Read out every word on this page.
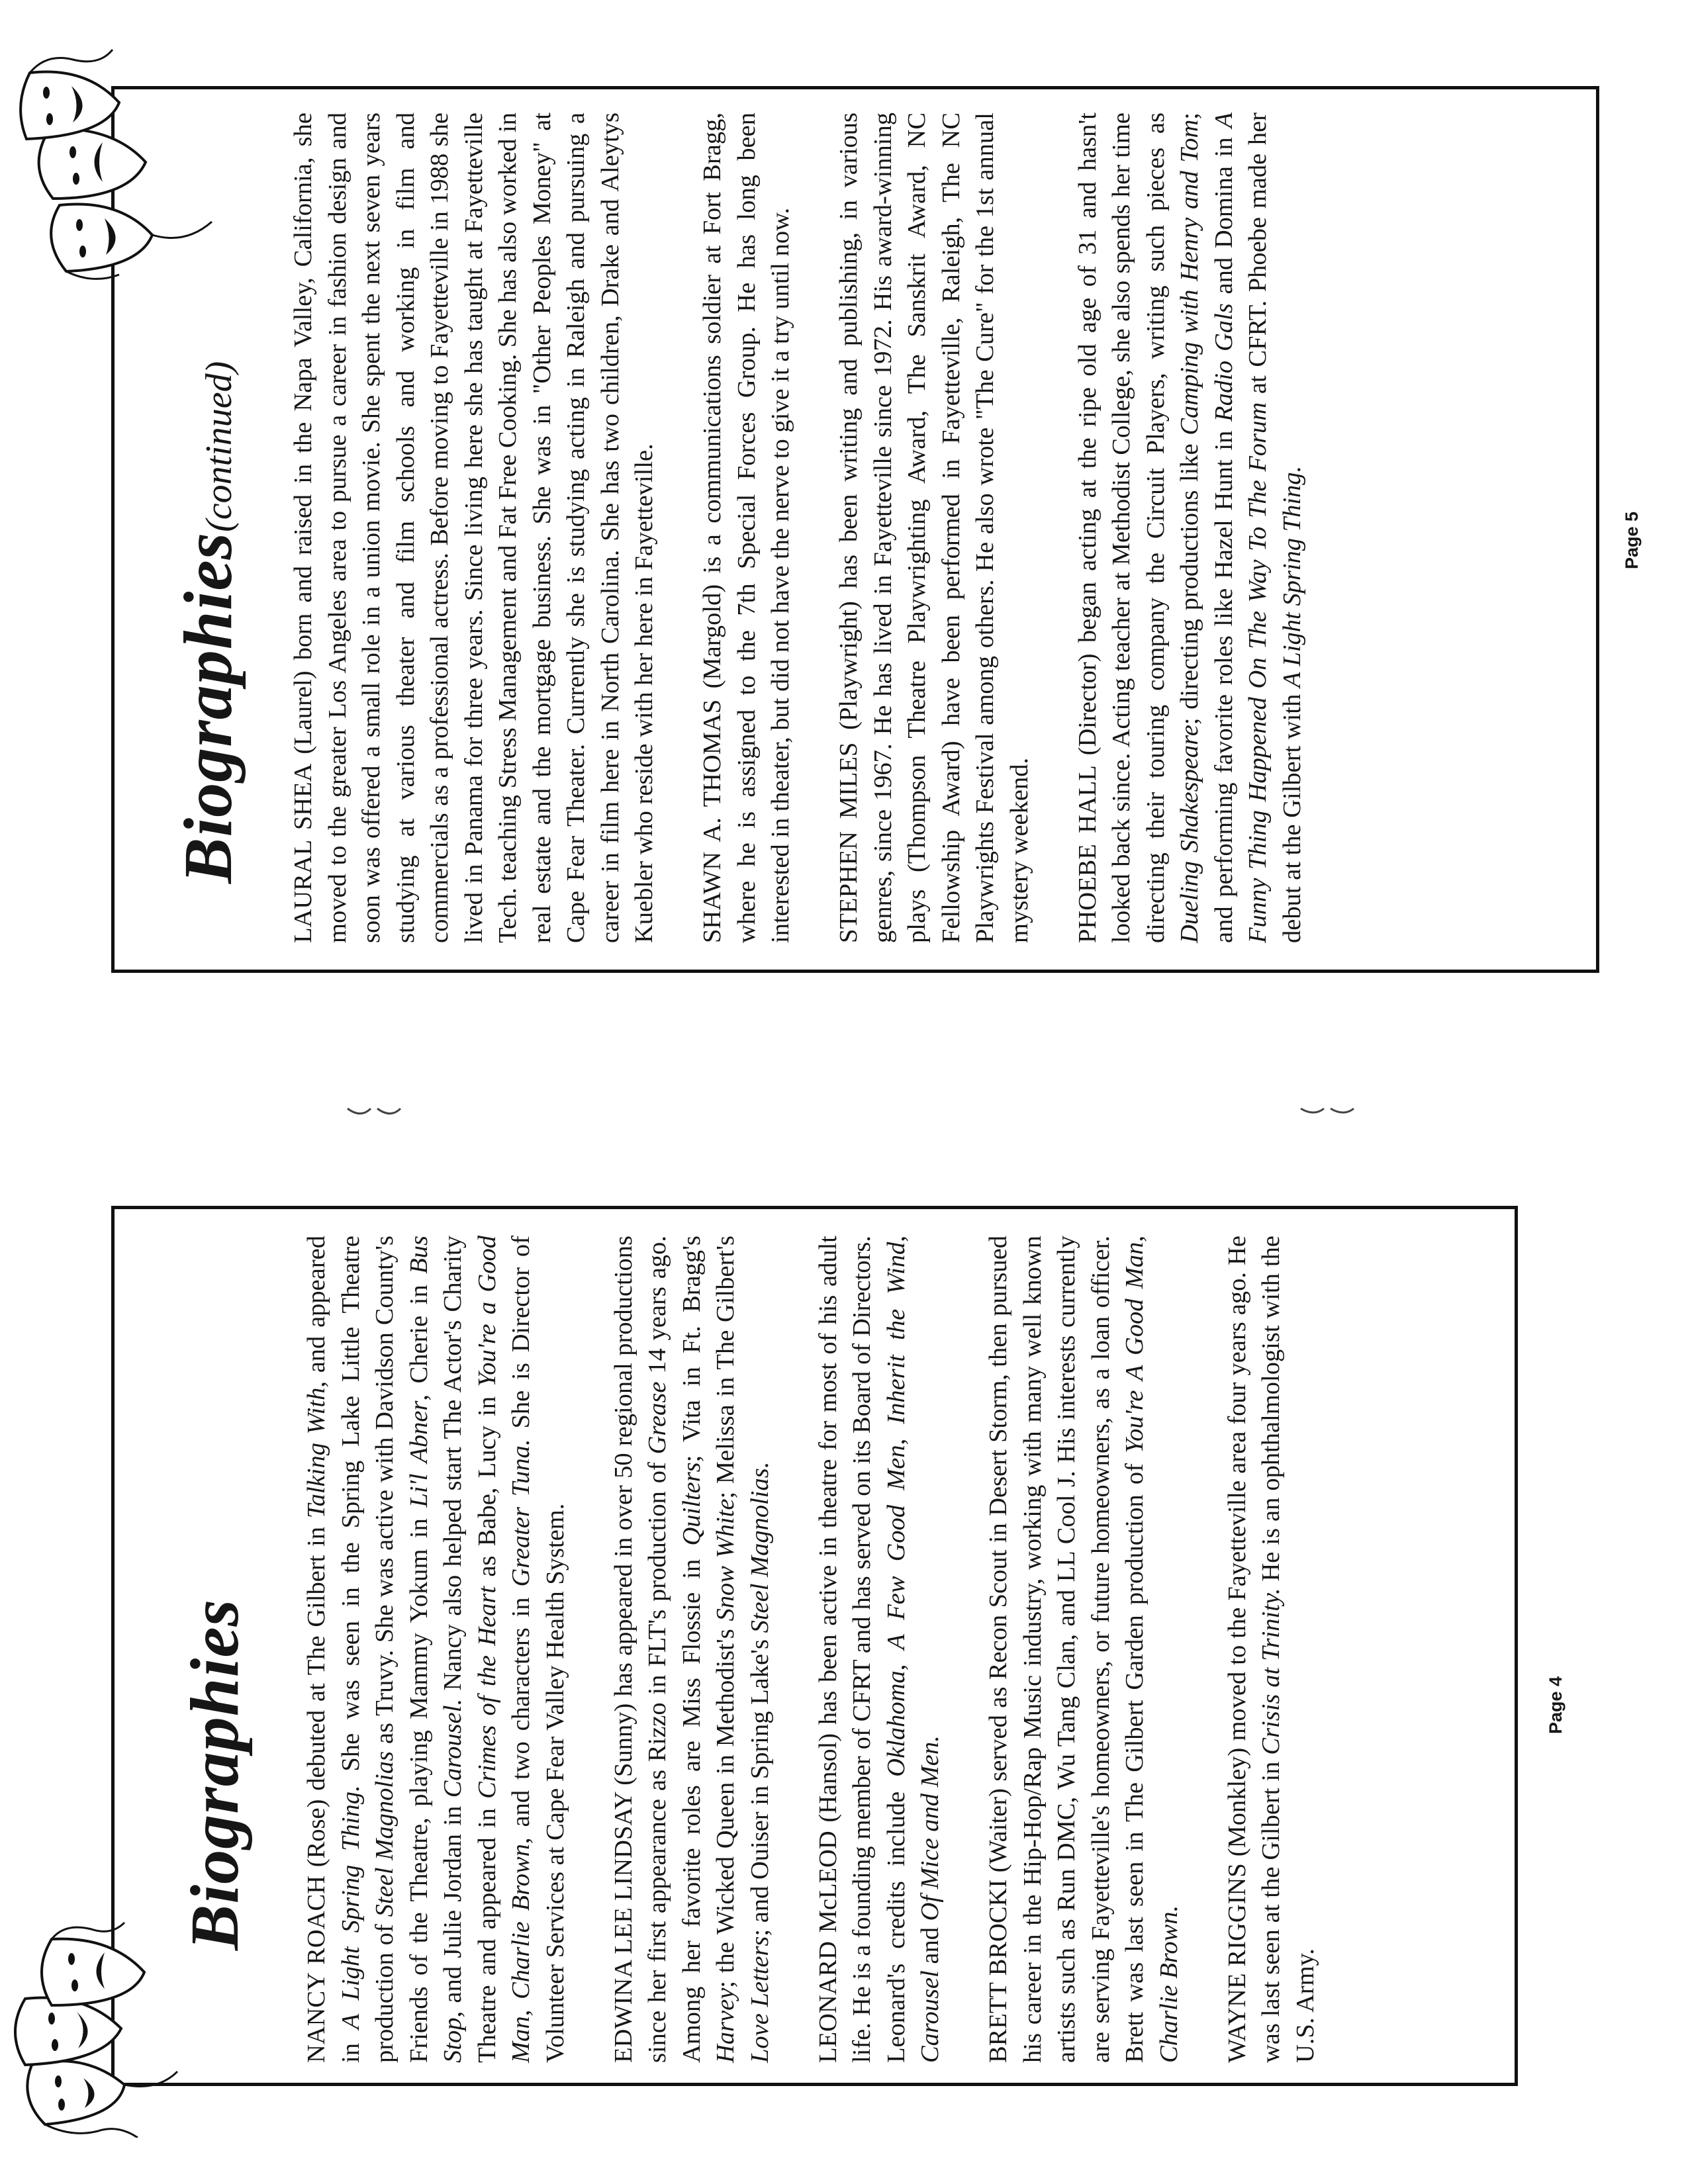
Biographies NANCY ROACH (Rose) debuted at The Gilbert in Talking With, and appeared in A Light Spring Thing. She was seen in the Spring Lake Little Theatre production of Steel Magnolias as Truvy. She was active with Davidson County's Friends of the Theatre, playing Mammy Yokum in Li'l Abner, Cherie in Bus Stop, and Julie Jordan in Carousel. Nancy also helped start The Actor's Charity Theatre and appeared in Crimes of the Heart as Babe, Lucy in You're a Good Man, Charlie Brown, and two characters in Greater Tuna. She is Director of Volunteer Services at Cape Fear Valley Health System. EDWINA LEE LINDSAY (Sunny) has appeared in over 50 regional productions since her first appearance as Rizzo in FLT's production of Grease 14 years ago. Among her favorite roles are Miss Flossie in Quilters; Vita in Ft. Bragg's Harvey; the Wicked Queen in Methodist's Snow White; Melissa in The Gilbert's Love Letters; and Ouiser in Spring Lake's Steel Magnolias.

LEONARD McLEOD (Hansol) has been active in theatre for most of his adult life. He is a founding member of CFRT and has served on its Board of Directors. Leonard's credits include Oklahoma, A Few Good Men, Inherit the Wind, Carousel and Of Mice and Men. BRETT BROCKI (Waiter) served as Recon Scout in Desert Storm, then pursued his career in the Hip-Hop/Rap Music industry, working with many well known artists such as Run DMC, Wu Tang Clan, and LL Cool J. His interests currently are serving Fayetteville's homeowners, or future homeowners, as a loan officer. Brett was last seen in The Gilbert Garden production of You're A Good Man, Charlie Brown. WAYNE RIGGINS (Monkley) moved to the Fayetteville area four years ago. He was last seen at the Gilbert in Crisis at Trinity. He is an ophthalmologist with the U.S. Army.

Page 4
Biographies(continued)

LAURAL SHEA (Laurel) born and raised in the Napa Valley, California, she moved to the greater Los Angeles area to pursue a career in fashion design and soon was offered a small role in a union movie. She spent the next seven years studying at various theater and film schools and working in film and commercials as a professional actress. Before moving to Fayetteville in 1988 she lived in Panama for three years. Since living here she has taught at Fayetteville Tech. teaching Stress Management and Fat Free Cooking. She has also worked in real estate and the mortgage business. She was in "Other Peoples Money" at Cape Fear Theater. Currently she is studying acting in Raleigh and pursuing a career in film here in North Carolina. She has two children, Drake and Aleytys Kuebler who reside with her here in Fayetteville. SHAWN A. THOMAS (Margold) is a communications soldier at Fort Bragg, where he is assigned to the 7th Special Forces Group. He has long been interested in theater, but did not have the nerve to give it a try until now. STEPHEN MILES (Playwright) has been writing and publishing, in various genres, since 1967. He has lived in Fayetteville since 1972. His award-winning plays (Thompson Theatre Playwrighting Award, The Sanskrit Award, NC Fellowship Award) have been performed in Fayetteville, Raleigh, The NC Playwrights Festival among others. He also wrote "The Cure" for the 1st annual mystery weekend. PHOEBE HALL (Director) began acting at the ripe old age of 31 and hasn't looked back since. Acting teacher at Methodist College, she also spends her time directing their touring company the Circuit Players, writing such pieces as Dueling Shakespeare; directing productions like Camping with Henry and Tom; and performing favorite roles like Hazel Hunt in Radio Gals and Domina in A Funny Thing Happened On The Way To The Forum at CFRT. Phoebe made her debut at the Gilbert with A Light Spring Thing.	Page 5
